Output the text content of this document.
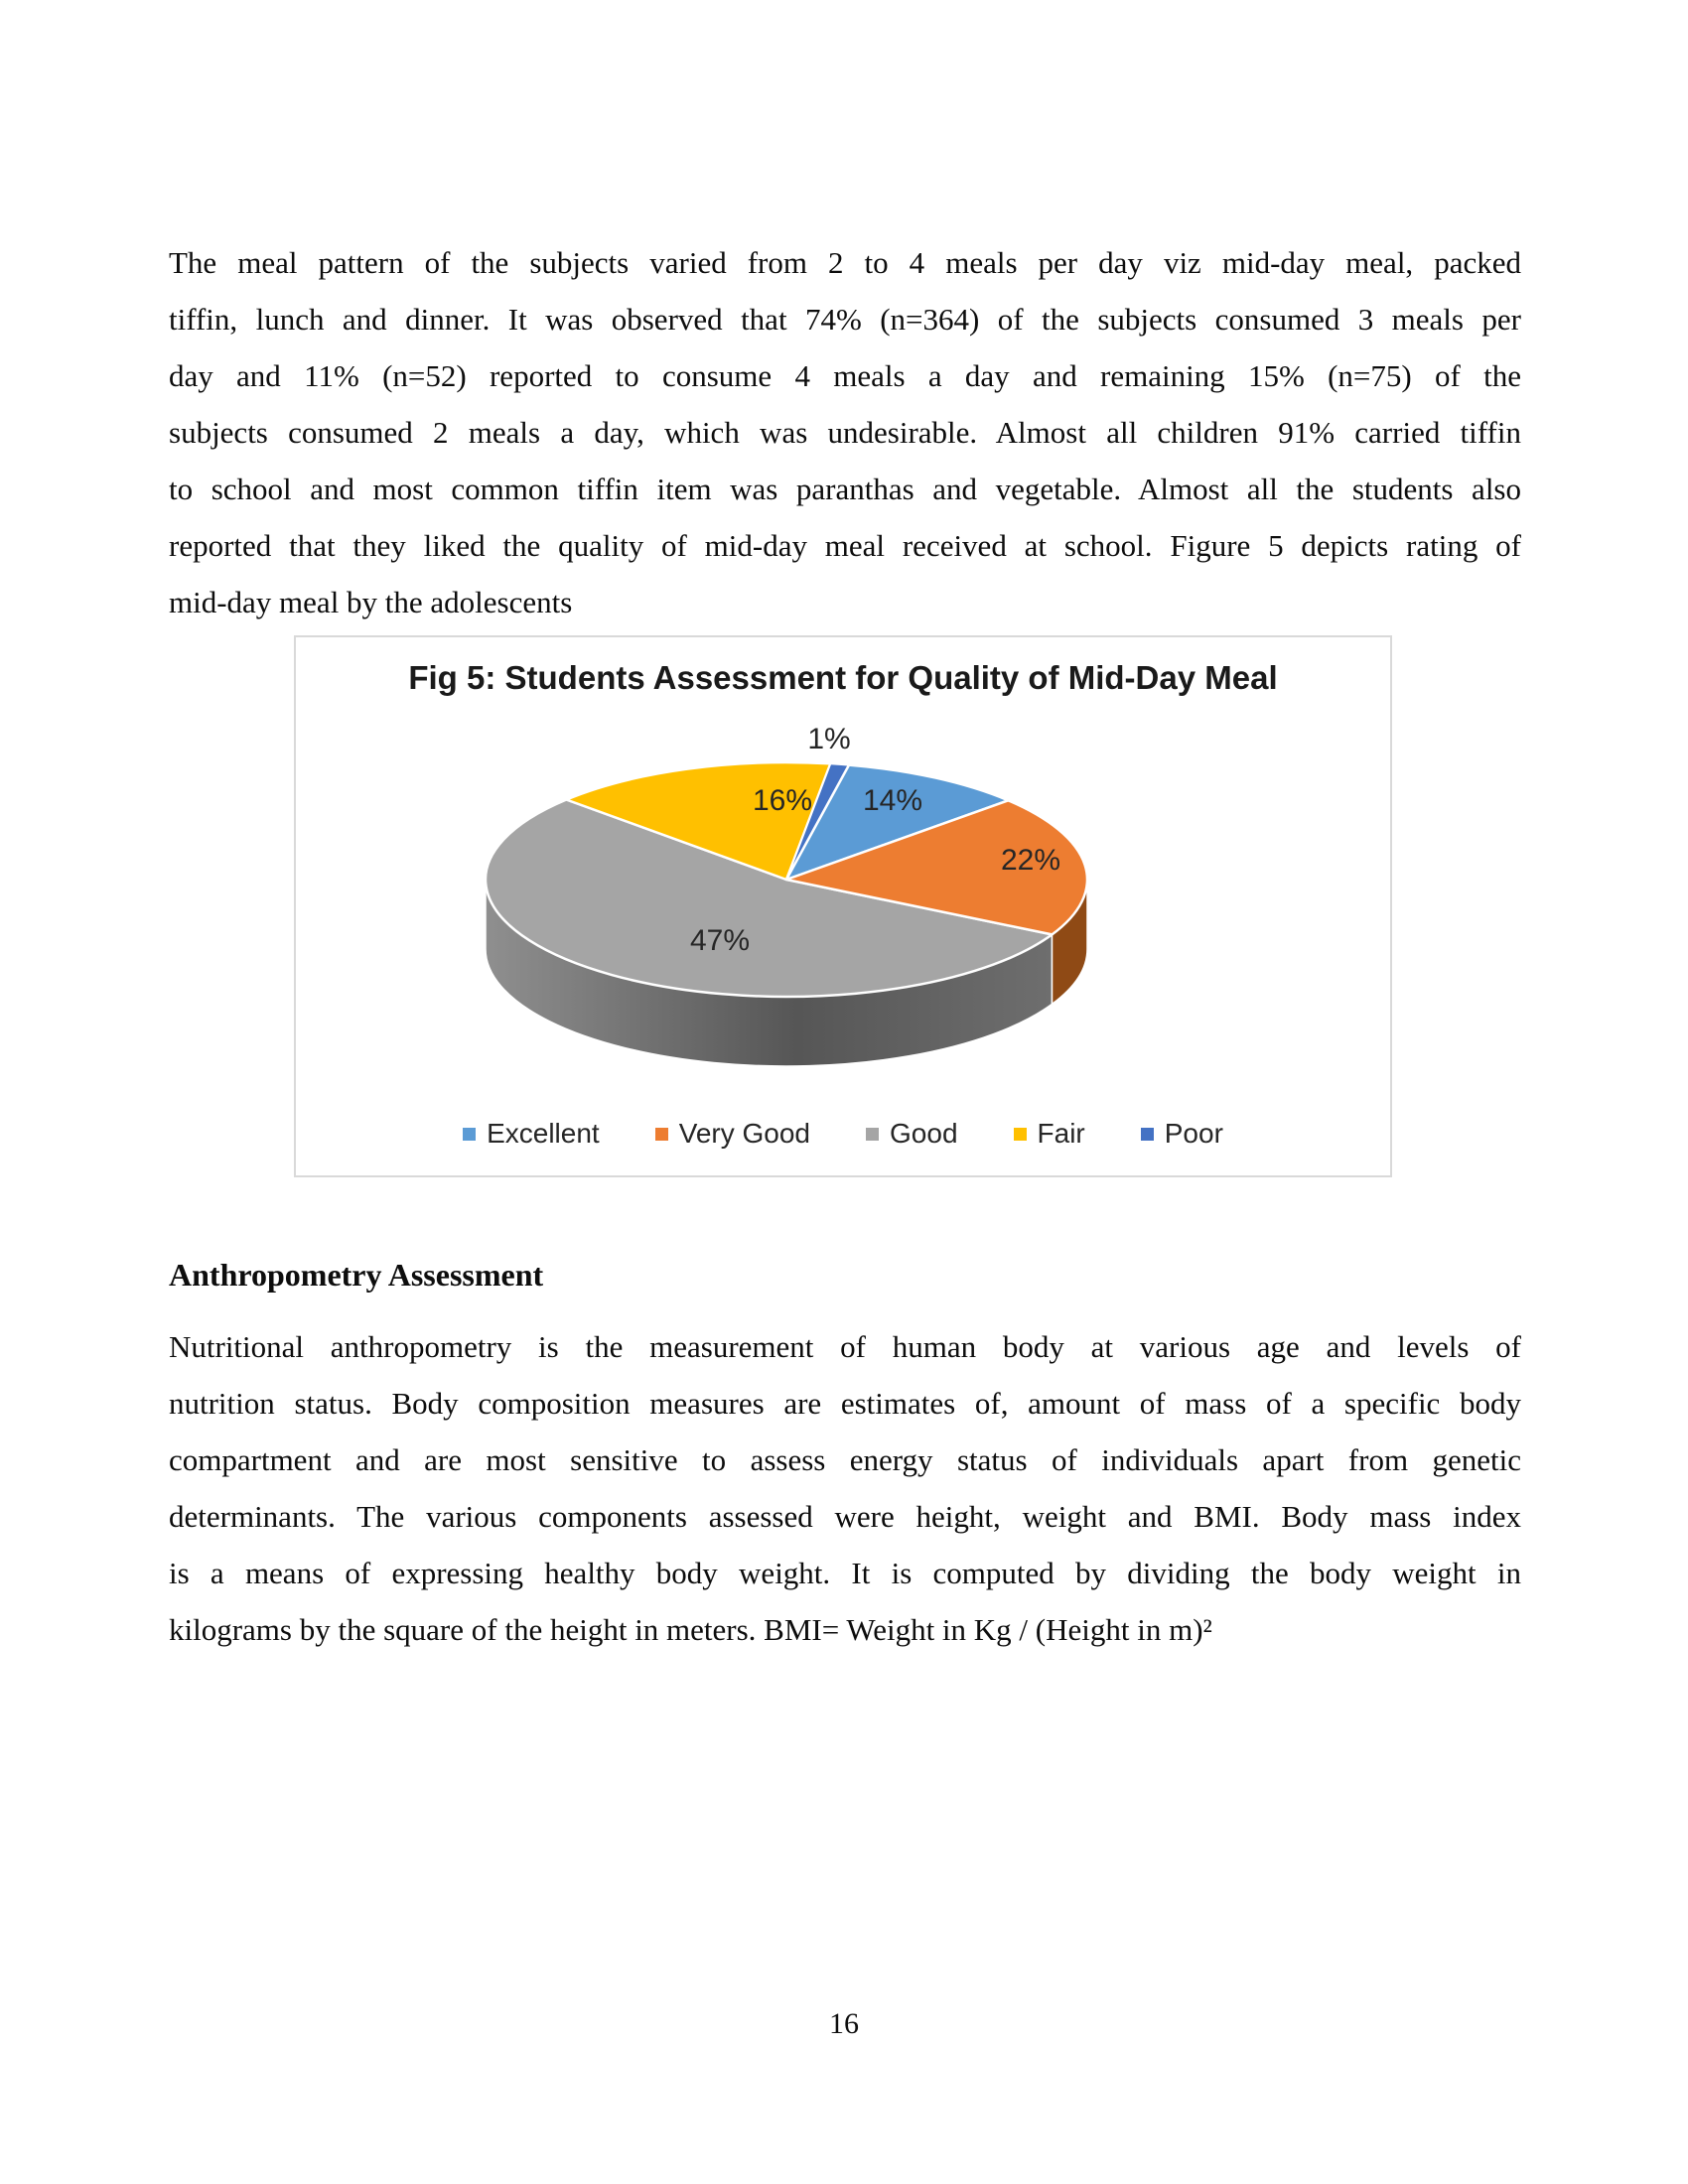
The meal pattern of the subjects varied from 2 to 4 meals per day viz mid-day meal, packed
tiffin, lunch and dinner. It was observed that 74% (n=364) of the subjects consumed 3 meals per
day and 11% (n=52) reported to consume 4 meals a day and remaining 15% (n=75) of the
subjects consumed 2 meals a day, which was undesirable. Almost all children 91% carried tiffin
to school and most common tiffin item was paranthas and vegetable. Almost all the students also
reported that they liked the quality of mid-day meal received at school. Figure 5 depicts rating of
mid-day meal by the adolescents
Fig 5: Students Assessment for Quality of Mid-Day Meal
1%
16% 14%
22%
47%
Excellent	Very Good	Good	Fair	Poor
Anthropometry Assessment
Nutritional anthropometry is the measurement of human body at various age and levels of
nutrition status. Body composition measures are estimates of, amount of mass of a specific body
compartment and are most sensitive to assess energy status of individuals apart from genetic
determinants. The various components assessed were height, weight and BMI. Body mass index
is a means of expressing healthy body weight. It is computed by dividing the body weight in
kilograms by the square of the height in meters. BMI= Weight in Kg / (Height in m)²
16
